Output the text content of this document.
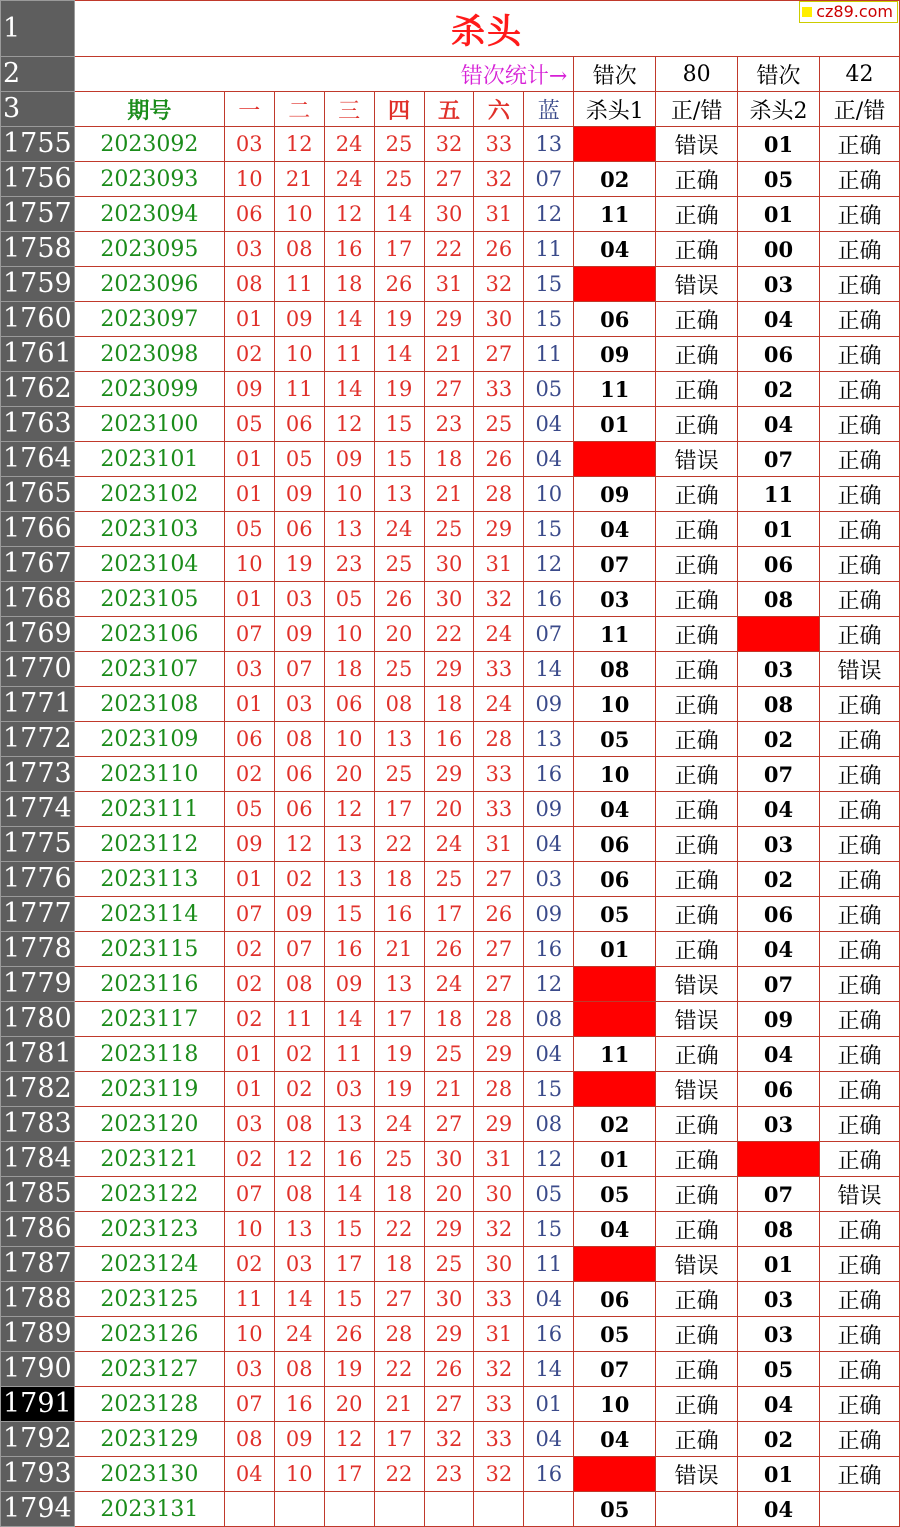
1	杀头											
2	错次统计→								错次	80	错次	42
3	期号	一	二	三	四	五	六	蓝	杀头1	正/错	杀头2	正/错
1755	2023092	03	12	24	25	32	33	13	03	错误	01	正确
1756	2023093	10	21	24	25	27	32	07	02	正确	05	正确
1757	2023094	06	10	12	14	30	31	12	11	正确	01	正确
1758	2023095	03	08	16	17	22	26	11	04	正确	00	正确
1759	2023096	08	11	18	26	31	32	15	08	错误	03	正确
1760	2023097	01	09	14	19	29	30	15	06	正确	04	正确
1761	2023098	02	10	11	14	21	27	11	09	正确	06	正确
1762	2023099	09	11	14	19	27	33	05	11	正确	02	正确
1763	2023100	05	06	12	15	23	25	04	01	正确	04	正确
1764	2023101	01	05	09	15	18	26	04	01	错误	07	正确
1765	2023102	01	09	10	13	21	28	10	09	正确	11	正确
1766	2023103	05	06	13	24	25	29	15	04	正确	01	正确
1767	2023104	10	19	23	25	30	31	12	07	正确	06	正确
1768	2023105	01	03	05	26	30	32	16	03	正确	08	正确
1769	2023106	07	09	10	20	22	24	07	11	正确	10	正确
1770	2023107	03	07	18	25	29	33	14	08	正确	03	错误
1771	2023108	01	03	06	08	18	24	09	10	正确	08	正确
1772	2023109	06	08	10	13	16	28	13	05	正确	02	正确
1773	2023110	02	06	20	25	29	33	16	10	正确	07	正确
1774	2023111	05	06	12	17	20	33	09	04	正确	04	正确
1775	2023112	09	12	13	22	24	31	04	06	正确	03	正确
1776	2023113	01	02	13	18	25	27	03	06	正确	02	正确
1777	2023114	07	09	15	16	17	26	09	05	正确	06	正确
1778	2023115	02	07	16	21	26	27	16	01	正确	04	正确
1779	2023116	02	08	09	13	24	27	12	02	错误	07	正确
1780	2023117	02	11	14	17	18	28	08	02	错误	09	正确
1781	2023118	01	02	11	19	25	29	04	11	正确	04	正确
1782	2023119	01	02	03	19	21	28	15	01	错误	06	正确
1783	2023120	03	08	13	24	27	29	08	02	正确	03	正确
1784	2023121	02	12	16	25	30	31	12	01	正确	07	正确
1785	2023122	07	08	14	18	20	30	05	05	正确	07	错误
1786	2023123	10	13	15	22	29	32	15	04	正确	08	正确
1787	2023124	02	03	17	18	25	30	11	02	错误	01	正确
1788	2023125	11	14	15	27	30	33	04	06	正确	03	正确
1789	2023126	10	24	26	28	29	31	16	05	正确	03	正确
1790	2023127	03	08	19	22	26	32	14	07	正确	05	正确
1791	2023128	07	16	20	21	27	33	01	10	正确	04	正确
1792	2023129	08	09	12	17	32	33	04	04	正确	02	正确
1793	2023130	04	10	17	22	23	32	16	04	错误	01	正确
1794	2023131								05		04	
cz89.com
